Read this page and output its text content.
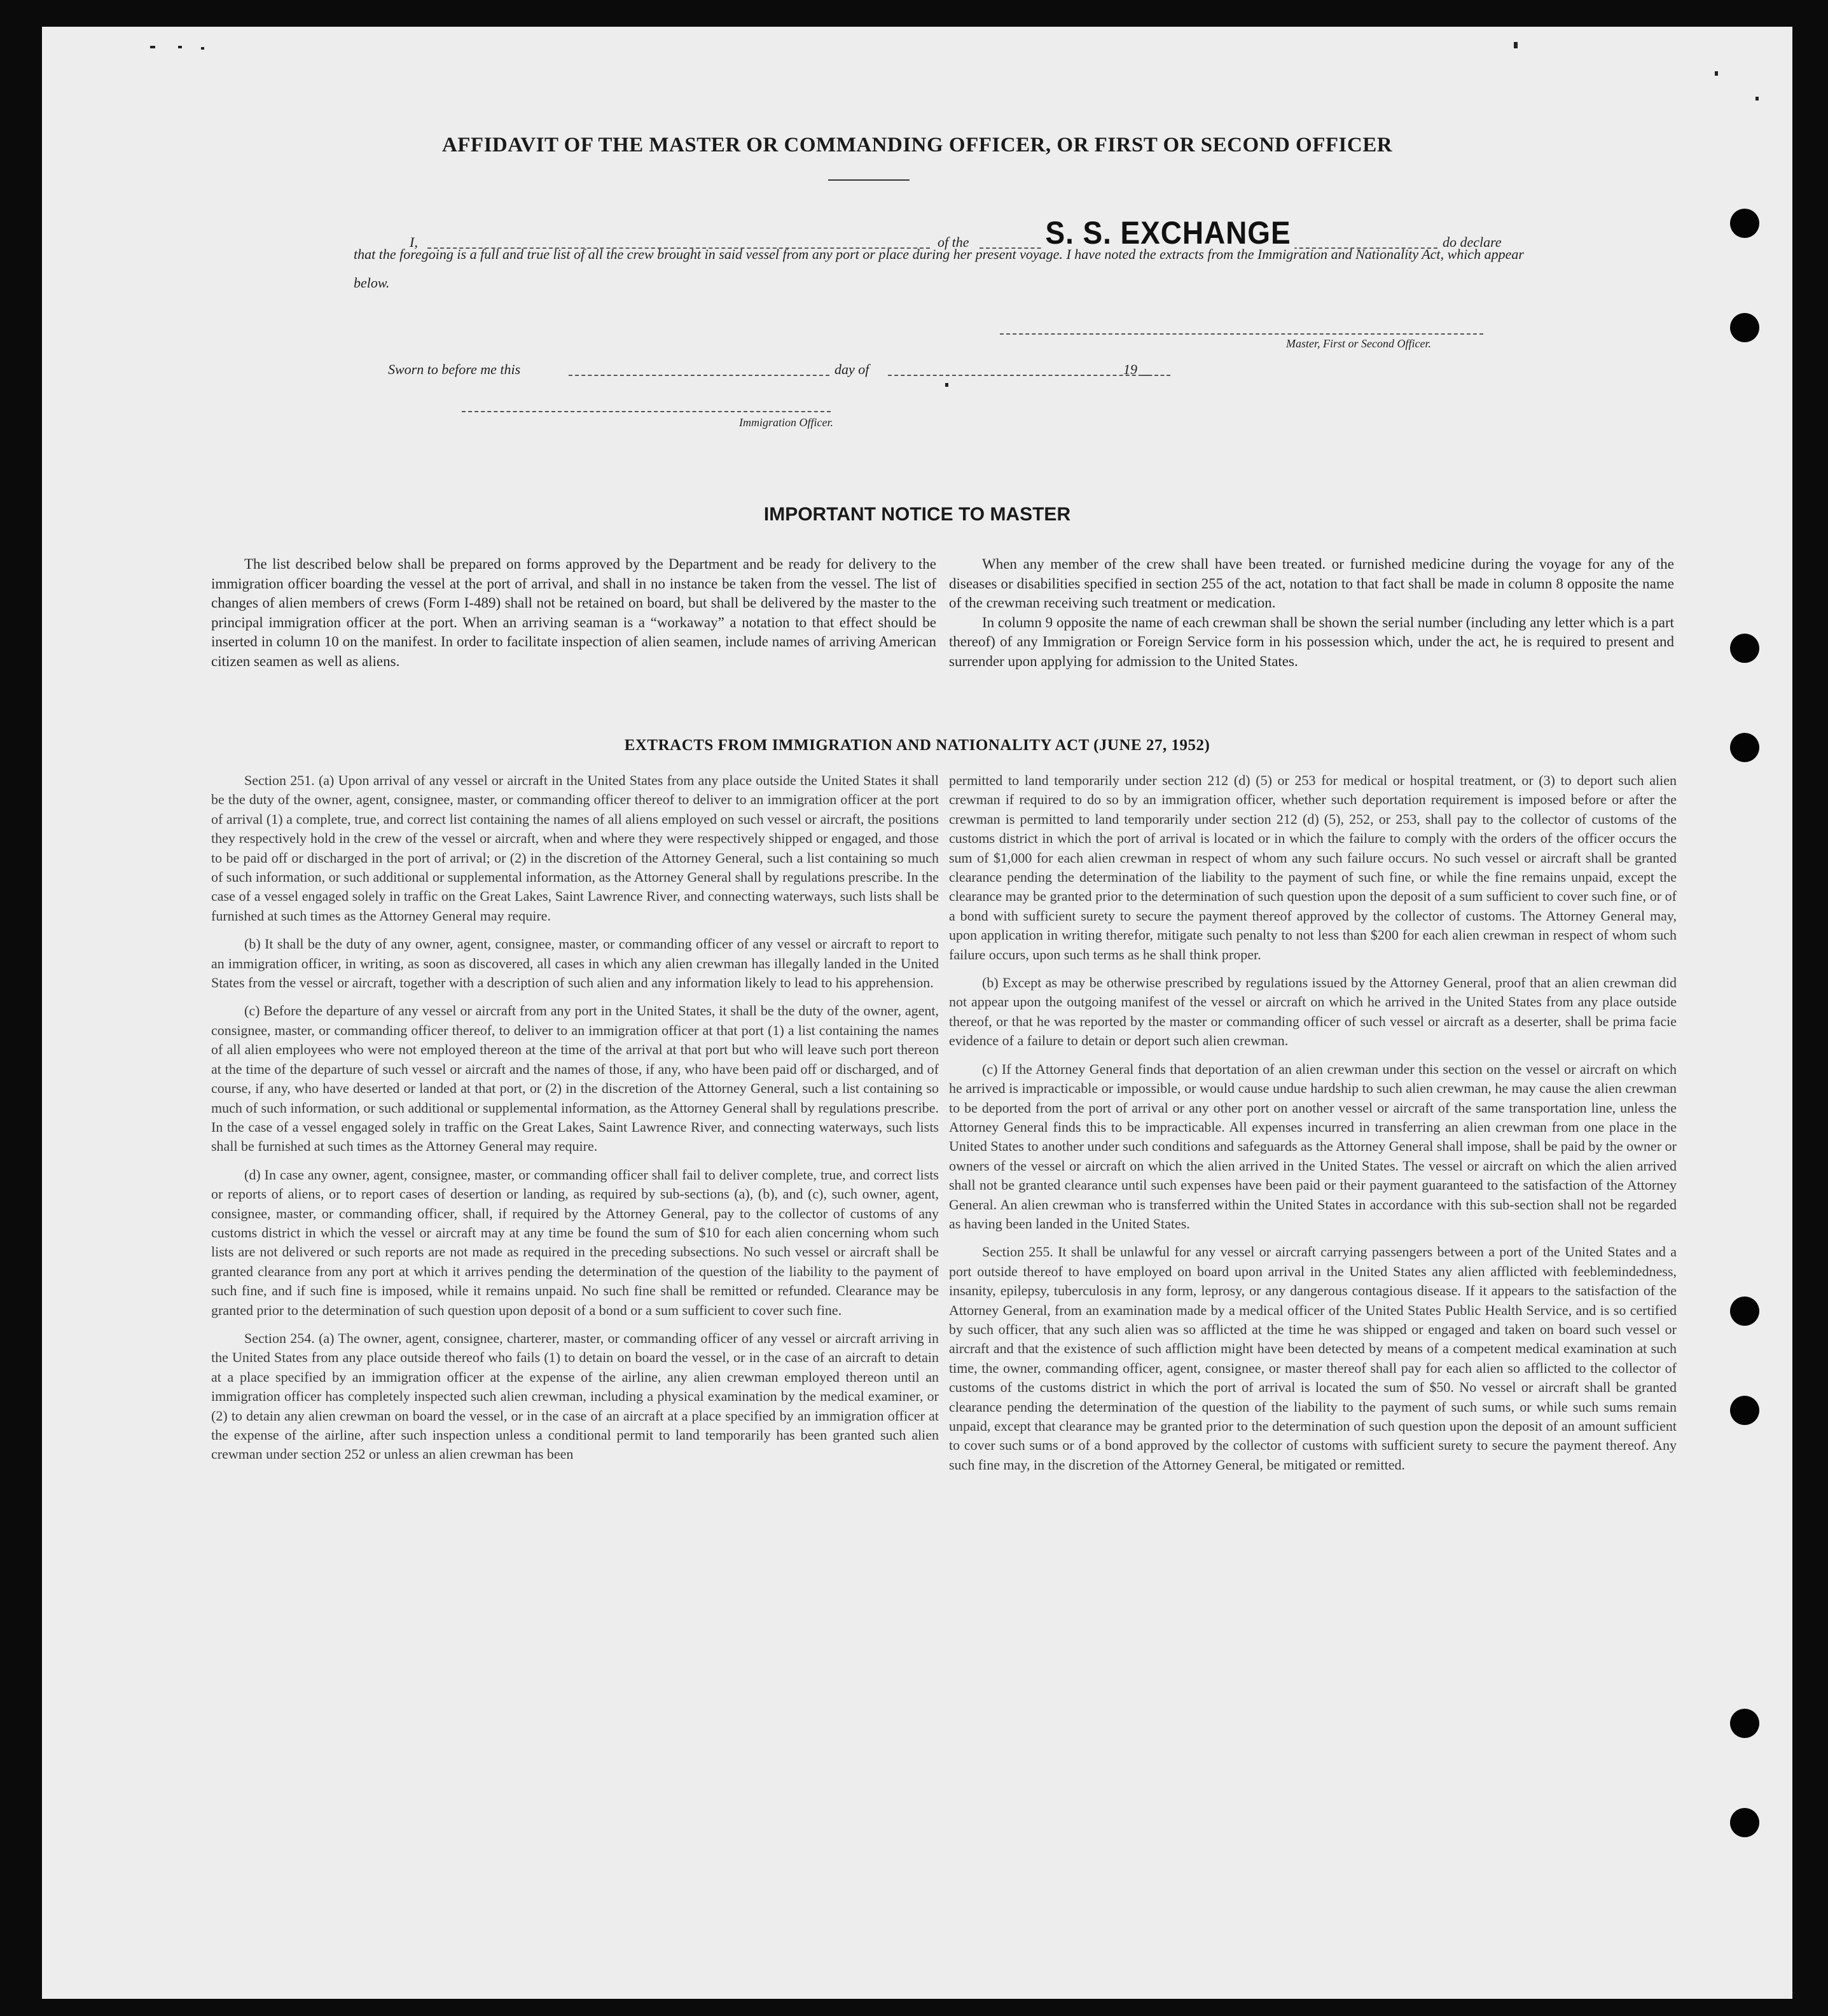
AFFIDAVIT OF THE MASTER OR COMMANDING OFFICER, OR FIRST OR SECOND OFFICER
I,	of the S. S. EXCHANGE	do declare
that the foregoing is a full and true list of all the crew brought in said vessel from any port or place during her present voyage. I have noted the extracts from the Immigration and Nationality Act, which appear below.
Master, First or Second Officer.
Sworn to before me this	day of	19
Immigration Officer.
IMPORTANT NOTICE TO MASTER

The list described below shall be prepared on forms approved by the Department and be ready for delivery to the immigration officer boarding the vessel at the port of arrival, and shall in no instance be taken from the vessel. The list of changes of alien members of crews (Form I-489) shall not be retained on board, but shall be delivered by the master to the principal immigration officer at the port. When an arriving seaman is a “workaway” a notation to that effect should be inserted in column 10 on the manifest. In order to facilitate inspection of alien seamen, include names of arriving American citizen seamen as well as aliens.

When any member of the crew shall have been treated. or furnished medicine during the voyage for any of the diseases or disabilities specified in section 255 of the act, notation to that fact shall be made in column 8 opposite the name of the crewman receiving such treatment or medication.

In column 9 opposite the name of each crewman shall be shown the serial number (including any letter which is a part thereof) of any Immigration or Foreign Service form in his possession which, under the act, he is required to present and surrender upon applying for admission to the United States.

EXTRACTS FROM IMMIGRATION AND NATIONALITY ACT (JUNE 27, 1952)

Section 251. (a) Upon arrival of any vessel or aircraft in the United States from any place outside the United States it shall be the duty of the owner, agent, consignee, master, or commanding officer thereof to deliver to an immigration officer at the port of arrival (1) a complete, true, and correct list containing the names of all aliens employed on such vessel or aircraft, the positions they respectively hold in the crew of the vessel or aircraft, when and where they were respectively shipped or engaged, and those to be paid off or discharged in the port of arrival; or (2) in the discretion of the Attorney General, such a list containing so much of such information, or such additional or supplemental information, as the Attorney General shall by regulations prescribe. In the case of a vessel engaged solely in traffic on the Great Lakes, Saint Lawrence River, and connecting waterways, such lists shall be furnished at such times as the Attorney General may require.

(b) It shall be the duty of any owner, agent, consignee, master, or commanding officer of any vessel or aircraft to report to an immigration officer, in writing, as soon as discovered, all cases in which any alien crewman has illegally landed in the United States from the vessel or aircraft, together with a description of such alien and any information likely to lead to his apprehension.

(c) Before the departure of any vessel or aircraft from any port in the United States, it shall be the duty of the owner, agent, consignee, master, or commanding officer thereof, to deliver to an immigration officer at that port (1) a list containing the names of all alien employees who were not employed thereon at the time of the arrival at that port but who will leave such port thereon at the time of the departure of such vessel or aircraft and the names of those, if any, who have been paid off or discharged, and of course, if any, who have deserted or landed at that port, or (2) in the discretion of the Attorney General, such a list containing so much of such information, or such additional or supplemental information, as the Attorney General shall by regulations prescribe. In the case of a vessel engaged solely in traffic on the Great Lakes, Saint Lawrence River, and connecting waterways, such lists shall be furnished at such times as the Attorney General may require.

(d) In case any owner, agent, consignee, master, or commanding officer shall fail to deliver complete, true, and correct lists or reports of aliens, or to report cases of desertion or landing, as required by sub-sections (a), (b), and (c), such owner, agent, consignee, master, or commanding officer, shall, if required by the Attorney General, pay to the collector of customs of any customs district in which the vessel or aircraft may at any time be found the sum of $10 for each alien concerning whom such lists are not delivered or such reports are not made as required in the preceding subsections. No such vessel or aircraft shall be granted clearance from any port at which it arrives pending the determination of the question of the liability to the payment of such fine, and if such fine is imposed, while it remains unpaid. No such fine shall be remitted or refunded. Clearance may be granted prior to the determination of such question upon deposit of a bond or a sum sufficient to cover such fine.

Section 254. (a) The owner, agent, consignee, charterer, master, or commanding officer of any vessel or aircraft arriving in the United States from any place outside thereof who fails (1) to detain on board the vessel, or in the case of an aircraft to detain at a place specified by an immigration officer at the expense of the airline, any alien crewman employed thereon until an immigration officer has completely inspected such alien crewman, including a physical examination by the medical examiner, or (2) to detain any alien crewman on board the vessel, or in the case of an aircraft at a place specified by an immigration officer at the expense of the airline, after such inspection unless a conditional permit to land temporarily has been granted such alien crewman under section 252 or unless an alien crewman has been

permitted to land temporarily under section 212 (d) (5) or 253 for medical or hospital treatment, or (3) to deport such alien crewman if required to do so by an immigration officer, whether such deportation requirement is imposed before or after the crewman is permitted to land temporarily under section 212 (d) (5), 252, or 253, shall pay to the collector of customs of the customs district in which the port of arrival is located or in which the failure to comply with the orders of the officer occurs the sum of $1,000 for each alien crewman in respect of whom any such failure occurs. No such vessel or aircraft shall be granted clearance pending the determination of the liability to the payment of such fine, or while the fine remains unpaid, except the clearance may be granted prior to the determination of such question upon the deposit of a sum sufficient to cover such fine, or of a bond with sufficient surety to secure the payment thereof approved by the collector of customs. The Attorney General may, upon application in writing therefor, mitigate such penalty to not less than $200 for each alien crewman in respect of whom such failure occurs, upon such terms as he shall think proper.

(b) Except as may be otherwise prescribed by regulations issued by the Attorney General, proof that an alien crewman did not appear upon the outgoing manifest of the vessel or aircraft on which he arrived in the United States from any place outside thereof, or that he was reported by the master or commanding officer of such vessel or aircraft as a deserter, shall be prima facie evidence of a failure to detain or deport such alien crewman.

(c) If the Attorney General finds that deportation of an alien crewman under this section on the vessel or aircraft on which he arrived is impracticable or impossible, or would cause undue hardship to such alien crewman, he may cause the alien crewman to be deported from the port of arrival or any other port on another vessel or aircraft of the same transportation line, unless the Attorney General finds this to be impracticable. All expenses incurred in transferring an alien crewman from one place in the United States to another under such conditions and safeguards as the Attorney General shall impose, shall be paid by the owner or owners of the vessel or aircraft on which the alien arrived in the United States. The vessel or aircraft on which the alien arrived shall not be granted clearance until such expenses have been paid or their payment guaranteed to the satisfaction of the Attorney General. An alien crewman who is transferred within the United States in accordance with this sub-section shall not be regarded as having been landed in the United States.

Section 255. It shall be unlawful for any vessel or aircraft carrying passengers between a port of the United States and a port outside thereof to have employed on board upon arrival in the United States any alien afflicted with feeblemindedness, insanity, epilepsy, tuberculosis in any form, leprosy, or any dangerous contagious disease. If it appears to the satisfaction of the Attorney General, from an examination made by a medical officer of the United States Public Health Service, and is so certified by such officer, that any such alien was so afflicted at the time he was shipped or engaged and taken on board such vessel or aircraft and that the existence of such affliction might have been detected by means of a competent medical examination at such time, the owner, commanding officer, agent, consignee, or master thereof shall pay for each alien so afflicted to the collector of customs of the customs district in which the port of arrival is located the sum of $50. No vessel or aircraft shall be granted clearance pending the determination of the question of the liability to the payment of such sums, or while such sums remain unpaid, except that clearance may be granted prior to the determination of such question upon the deposit of an amount sufficient to cover such sums or of a bond approved by the collector of customs with sufficient surety to secure the payment thereof. Any such fine may, in the discretion of the Attorney General, be mitigated or remitted.
